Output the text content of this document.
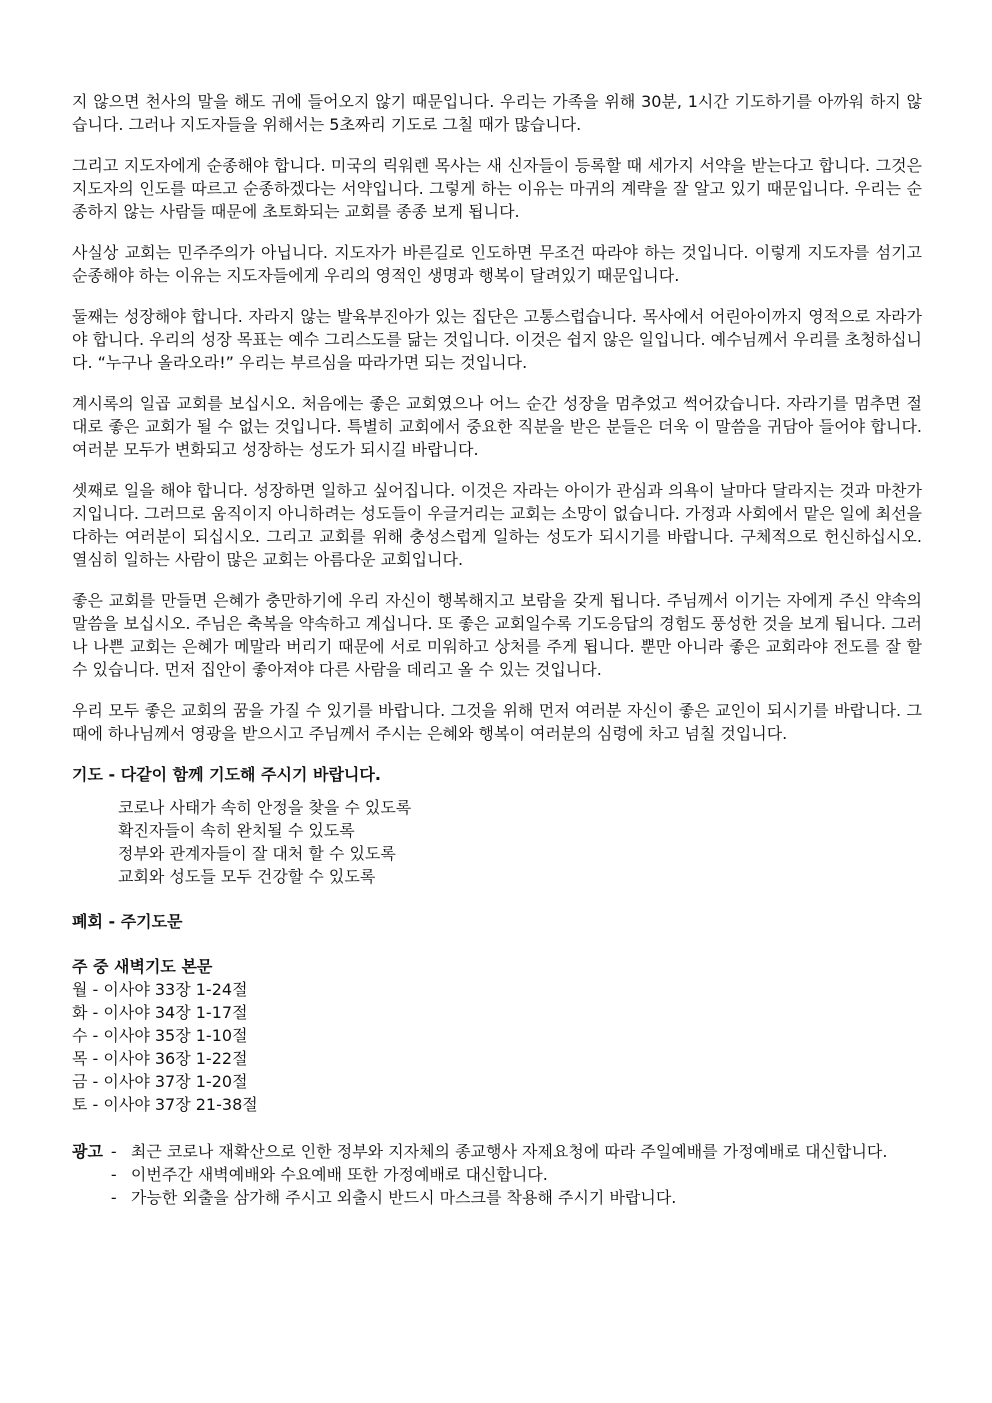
지 않으면 천사의 말을 해도 귀에 들어오지 않기 때문입니다. 우리는 가족을 위해 30분, 1시간 기도하기를 아까워 하지 않습니다. 그러나 지도자들을 위해서는 5초짜리 기도로 그칠 때가 많습니다.

그리고 지도자에게 순종해야 합니다. 미국의 릭워렌 목사는 새 신자들이 등록할 때 세가지 서약을 받는다고 합니다. 그것은 지도자의 인도를 따르고 순종하겠다는 서약입니다. 그렇게 하는 이유는 마귀의 계략을 잘 알고 있기 때문입니다. 우리는 순종하지 않는 사람들 때문에 초토화되는 교회를 종종 보게 됩니다.

사실상 교회는 민주주의가 아닙니다. 지도자가 바른길로 인도하면 무조건 따라야 하는 것입니다. 이렇게 지도자를 섬기고 순종해야 하는 이유는 지도자들에게 우리의 영적인 생명과 행복이 달려있기 때문입니다.

둘째는 성장해야 합니다. 자라지 않는 발육부진아가 있는 집단은 고통스럽습니다. 목사에서 어린아이까지 영적으로 자라가야 합니다. 우리의 성장 목표는 예수 그리스도를 닮는 것입니다. 이것은 쉽지 않은 일입니다. 예수님께서 우리를 초청하십니다. “누구나 올라오라!” 우리는 부르심을 따라가면 되는 것입니다.

계시록의 일곱 교회를 보십시오. 처음에는 좋은 교회였으나 어느 순간 성장을 멈추었고 썩어갔습니다. 자라기를 멈추면 절대로 좋은 교회가 될 수 없는 것입니다. 특별히 교회에서 중요한 직분을 받은 분들은 더욱 이 말씀을 귀담아 들어야 합니다. 여러분 모두가 변화되고 성장하는 성도가 되시길 바랍니다.

셋째로 일을 해야 합니다. 성장하면 일하고 싶어집니다. 이것은 자라는 아이가 관심과 의욕이 날마다 달라지는 것과 마찬가지입니다. 그러므로 움직이지 아니하려는 성도들이 우글거리는 교회는 소망이 없습니다. 가정과 사회에서 맡은 일에 최선을 다하는 여러분이 되십시오. 그리고 교회를 위해 충성스럽게 일하는 성도가 되시기를 바랍니다. 구체적으로 헌신하십시오. 열심히 일하는 사람이 많은 교회는 아름다운 교회입니다.

좋은 교회를 만들면 은혜가 충만하기에 우리 자신이 행복해지고 보람을 갖게 됩니다. 주님께서 이기는 자에게 주신 약속의 말씀을 보십시오. 주님은 축복을 약속하고 계십니다. 또 좋은 교회일수록 기도응답의 경험도 풍성한 것을 보게 됩니다. 그러나 나쁜 교회는 은혜가 메말라 버리기 때문에 서로 미워하고 상처를 주게 됩니다. 뿐만 아니라 좋은 교회라야 전도를 잘 할 수 있습니다. 먼저 집안이 좋아져야 다른 사람을 데리고 올 수 있는 것입니다.

우리 모두 좋은 교회의 꿈을 가질 수 있기를 바랍니다. 그것을 위해 먼저 여러분 자신이 좋은 교인이 되시기를 바랍니다. 그때에 하나님께서 영광을 받으시고 주님께서 주시는 은혜와 행복이 여러분의 심령에 차고 넘칠 것입니다.

기도 - 다같이 함께 기도해 주시기 바랍니다.

코로나 사태가 속히 안정을 찾을 수 있도록
확진자들이 속히 완치될 수 있도록
정부와 관계자들이 잘 대처 할 수 있도록
교회와 성도들 모두 건강할 수 있도록

폐회 - 주기도문

주 중 새벽기도 본문

월 - 이사야 33장 1-24절
화 - 이사야 34장 1-17절
수 - 이사야 35장 1-10절
목 - 이사야 36장 1-22절
금 - 이사야 37장 1-20절
토 - 이사야 37장 21-38절
광고 - 최근 코로나 재확산으로 인한 정부와 지자체의 종교행사 자제요청에 따라 주일예배를 가정예배로 대신합니다.
- 이번주간 새벽예배와 수요예배 또한 가정예배로 대신합니다.
- 가능한 외출을 삼가해 주시고 외출시 반드시 마스크를 착용해 주시기 바랍니다.
